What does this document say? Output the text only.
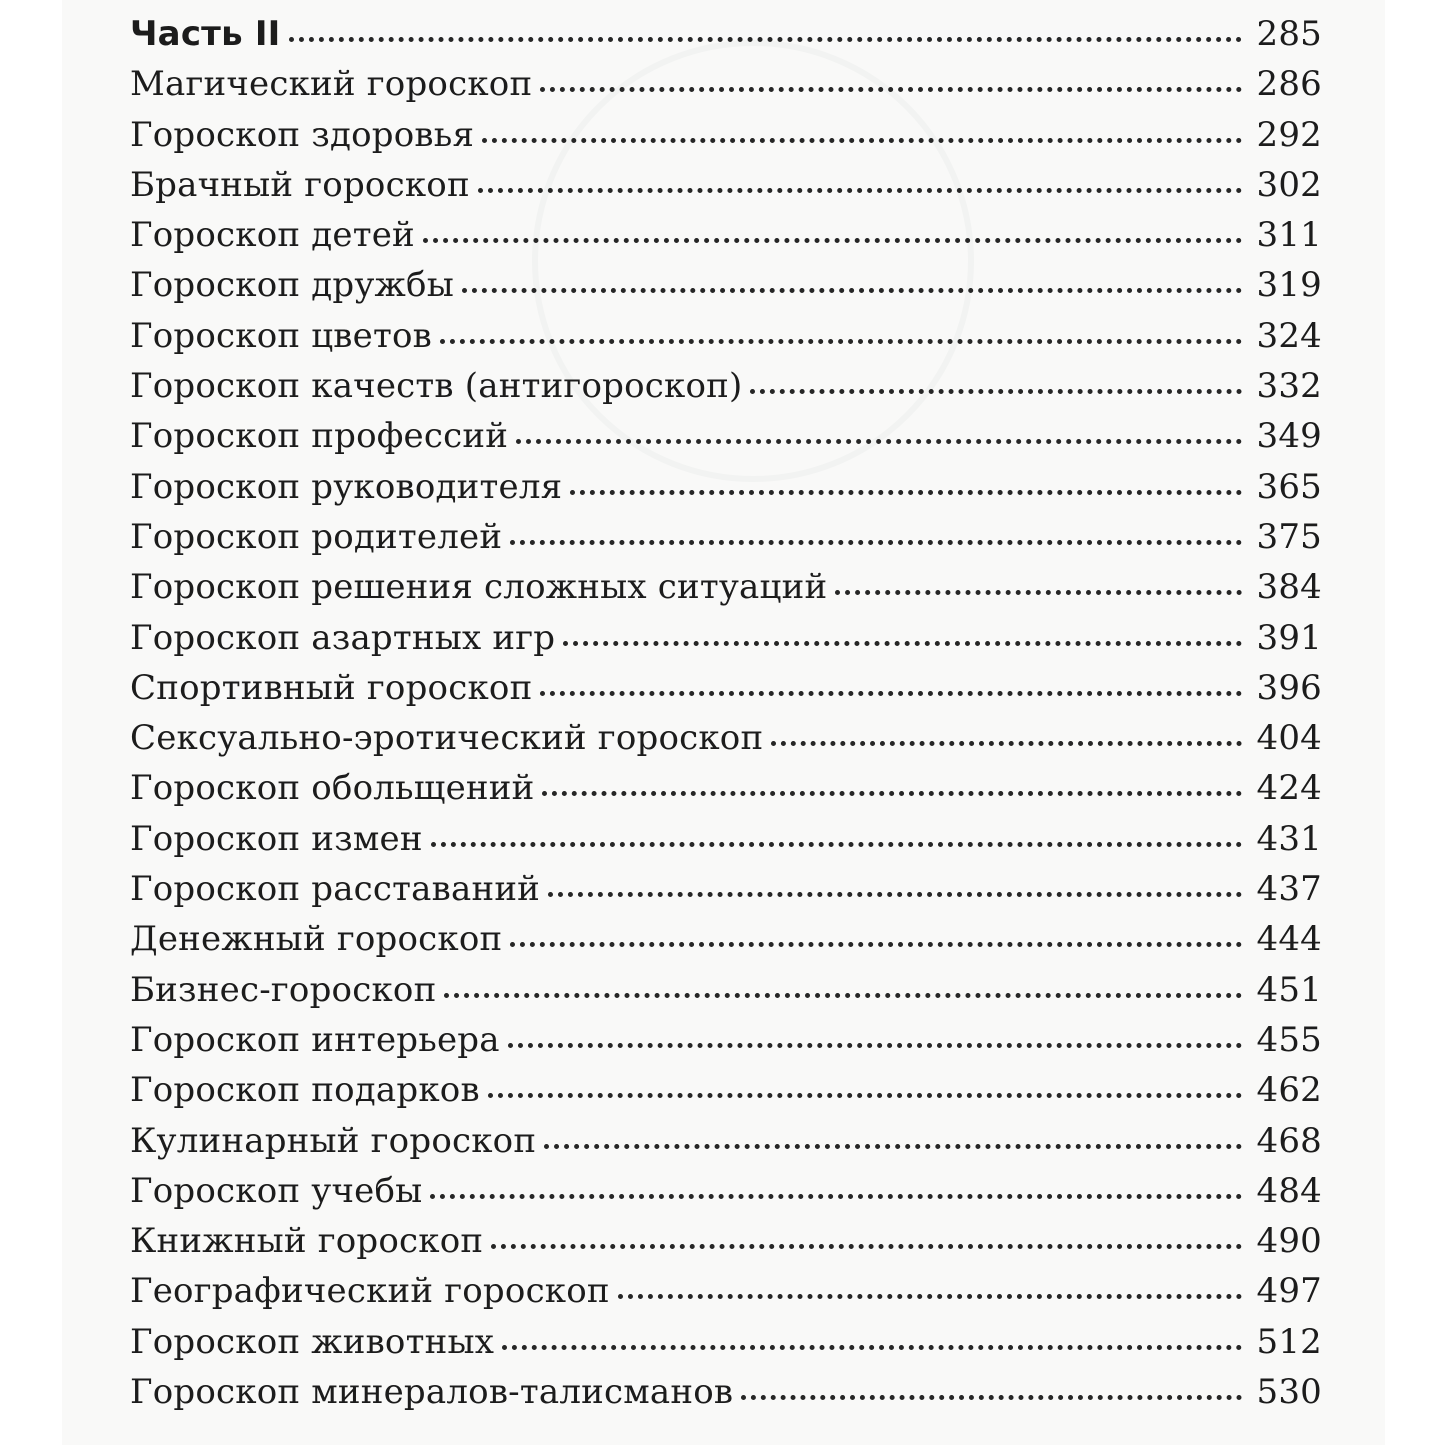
Часть II	285
Магический гороскоп	286
Гороскоп здоровья	292
Брачный гороскоп	302
Гороскоп детей	311
Гороскоп дружбы	319
Гороскоп цветов	324
Гороскоп качеств (антигороскоп)	332
Гороскоп профессий	349
Гороскоп руководителя	365
Гороскоп родителей	375
Гороскоп решения сложных ситуаций	384
Гороскоп азартных игр	391
Спортивный гороскоп	396
Сексуально-эротический гороскоп	404
Гороскоп обольщений	424
Гороскоп измен	431
Гороскоп расставаний	437
Денежный гороскоп	444
Бизнес-гороскоп	451
Гороскоп интерьера	455
Гороскоп подарков	462
Кулинарный гороскоп	468
Гороскоп учебы	484
Книжный гороскоп	490
Географический гороскоп	497
Гороскоп животных	512
Гороскоп минералов-талисманов	530
